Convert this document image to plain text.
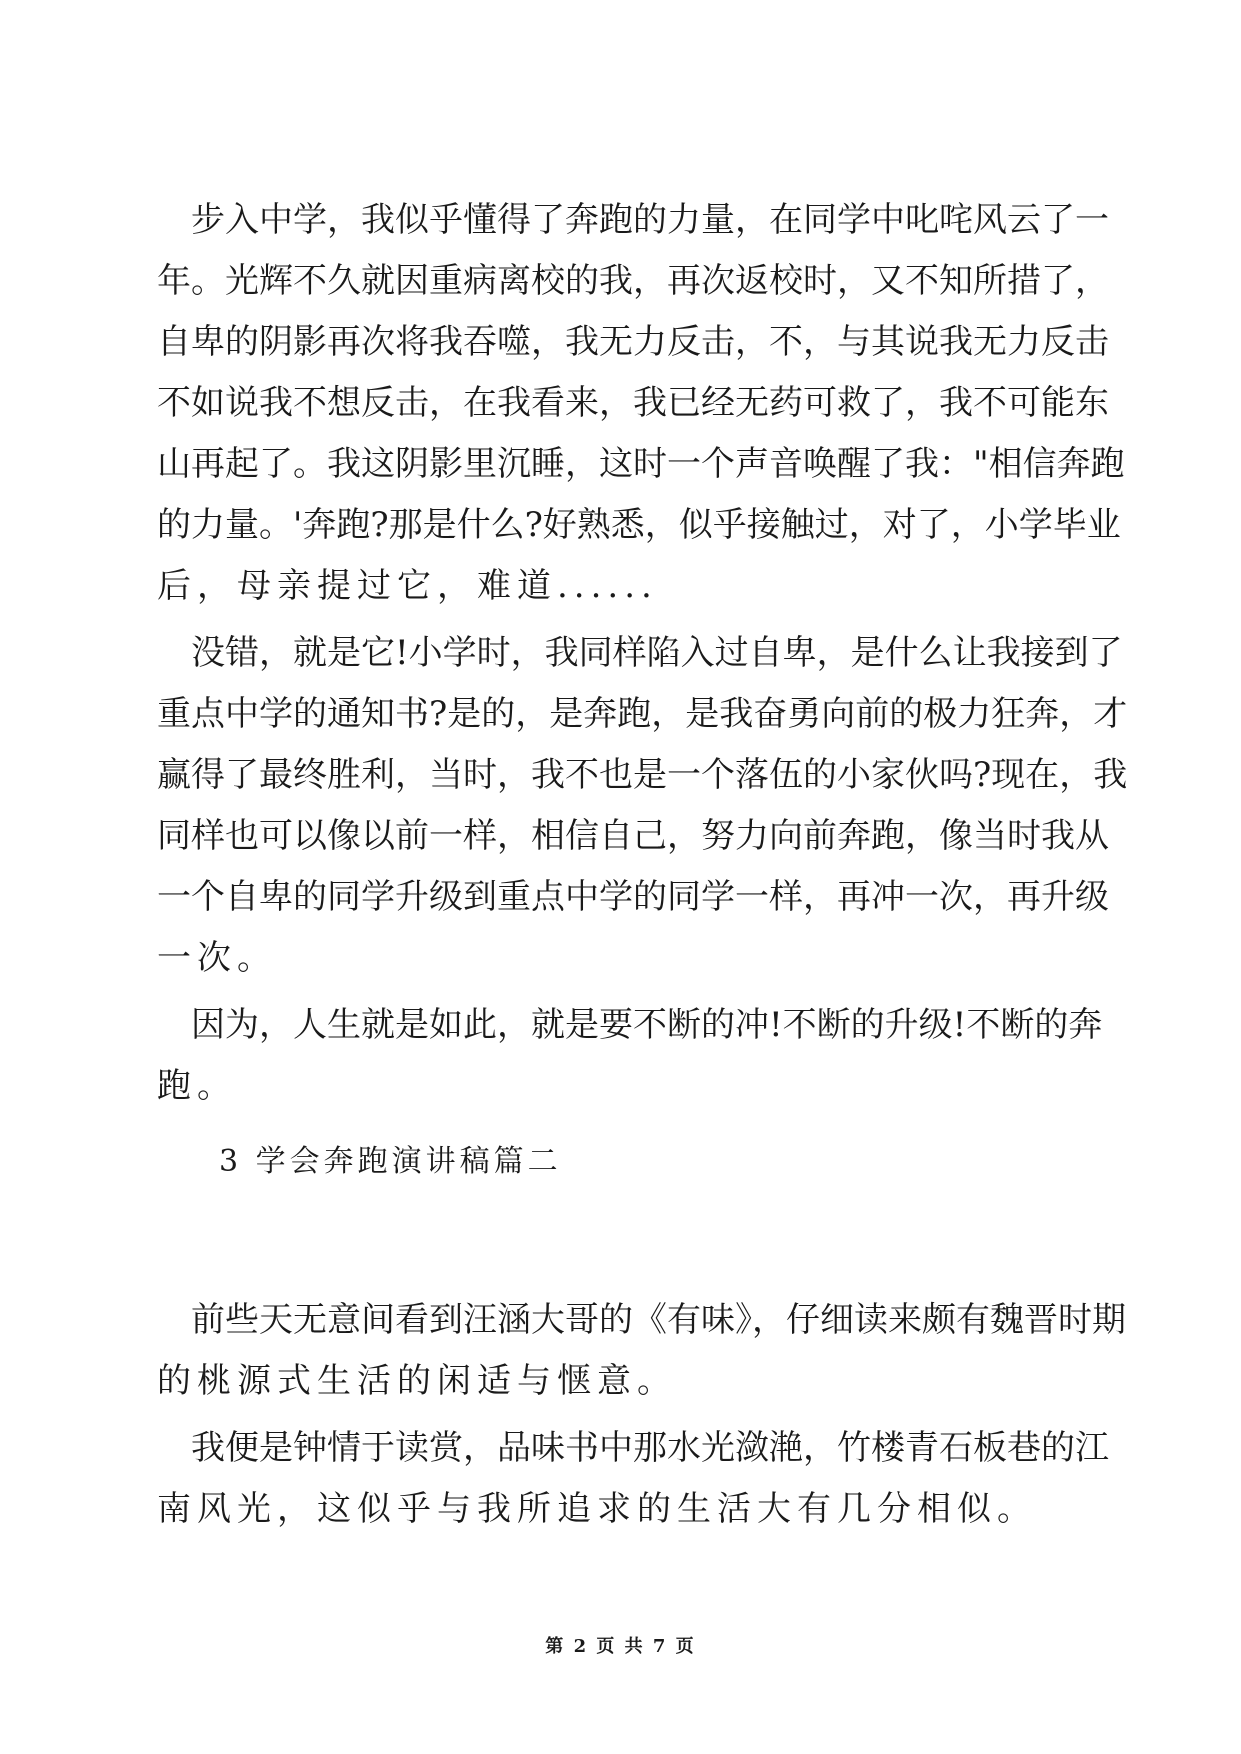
步入中学，我似乎懂得了奔跑的力量，在同学中叱咤风云了一
年。光辉不久就因重病离校的我，再次返校时，又不知所措了，
自卑的阴影再次将我吞噬，我无力反击，不，与其说我无力反击
不如说我不想反击，在我看来，我已经无药可救了，我不可能东
山再起了。我这阴影里沉睡，这时一个声音唤醒了我："相信奔跑
的力量。'奔跑?那是什么?好熟悉，似乎接触过，对了，小学毕业
后，母亲提过它，难道......
没错，就是它!小学时，我同样陷入过自卑，是什么让我接到了
重点中学的通知书?是的，是奔跑，是我奋勇向前的极力狂奔，才
赢得了最终胜利，当时，我不也是一个落伍的小家伙吗?现在，我
同样也可以像以前一样，相信自己，努力向前奔跑，像当时我从
一个自卑的同学升级到重点中学的同学一样，再冲一次，再升级
一次。
因为，人生就是如此，就是要不断的冲!不断的升级!不断的奔
跑。
3 学会奔跑演讲稿篇二
前些天无意间看到汪涵大哥的《有味》，仔细读来颇有魏晋时期
的桃源式生活的闲适与惬意。
我便是钟情于读赏，品味书中那水光潋滟，竹楼青石板巷的江
南风光，这似乎与我所追求的生活大有几分相似。
第 2 页 共 7 页
